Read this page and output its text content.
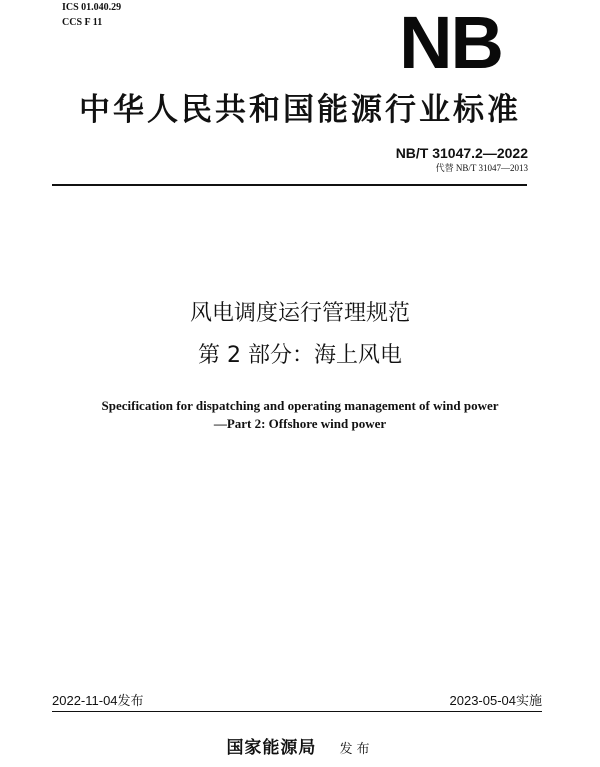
ICS 01.040.29
CCS F 11	NB
中华人民共和国能源行业标准
NB/T 31047.2—2022
代替 NB/T 31047—2013
风电调度运行管理规范
第 2 部分：海上风电
Specification for dispatching and operating management of wind power
—Part 2: Offshore wind power
2022-11-04发布	2023-05-04实施
国家能源局 发布
